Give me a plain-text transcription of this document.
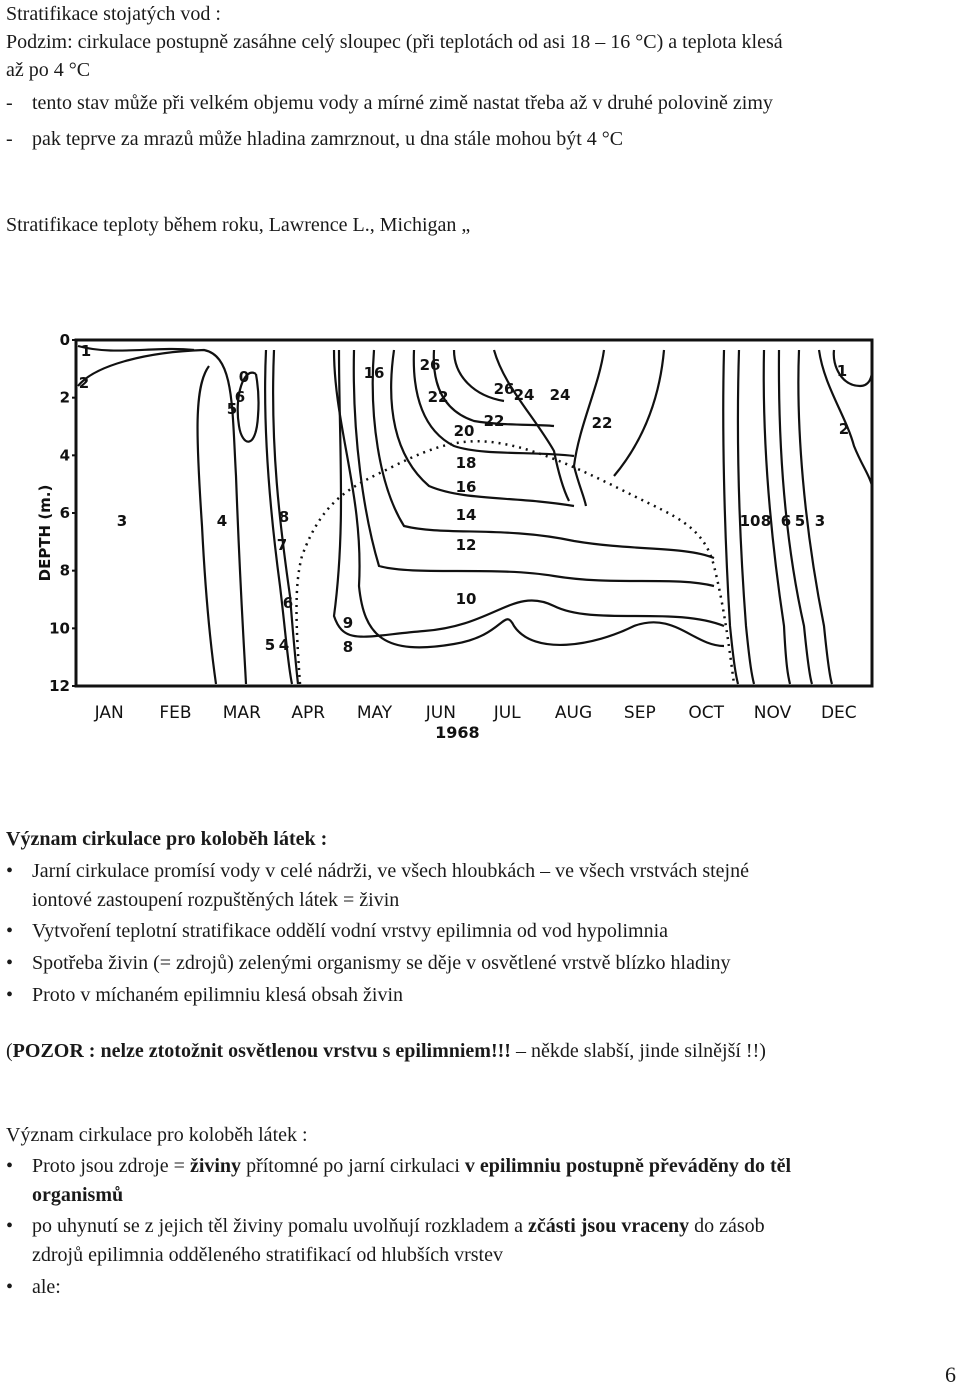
Stratifikace stojatých vod :
Podzim: cirkulace postupně zasáhne celý sloupec (při teplotách od asi 18 – 16 °C) a teplota klesá
až po 4 °C
- tento stav může při velkém objemu vody a mírné zimě nastat třeba až v druhé polovině zimy
- pak teprve za mrazů může hladina zamrznout, u dna stále mohou být 4 °C
Stratifikace teploty během roku, Lawrence L., Michigan „
0
2
4
6
8
10
12
JAN FEB MAR APR MAY JUN JUL AUG SEP OCT NOV DEC
1
2	0
6
5
3	4	8
7
6
5 4
9
8
16 26
22	26 24 24
22
20
22
18
16
14
12
10
10 8 6 5 3
1
2
DEPTH (m.)
1968
Význam cirkulace pro koloběh látek :
• Jarní cirkulace promísí vody v celé nádrži, ve všech hloubkách – ve všech vrstvách stejné
iontové zastoupení rozpuštěných látek = živin
• Vytvoření teplotní stratifikace oddělí vodní vrstvy epilimnia od vod hypolimnia
• Spotřeba živin (= zdrojů) zelenými organismy se děje v osvětlené vrstvě blízko hladiny
• Proto v míchaném epilimniu klesá obsah živin
(POZOR : nelze ztotožnit osvětlenou vrstvu s epilimniem!!! – někde slabší, jinde silnější !!)
Význam cirkulace pro koloběh látek :
• Proto jsou zdroje = živiny přítomné po jarní cirkulaci v epilimniu postupně převáděny do těl
organismů
• po uhynutí se z jejich těl živiny pomalu uvolňují rozkladem a zčásti jsou vraceny do zásob
zdrojů epilimnia odděleného stratifikací od hlubších vrstev
• ale:
6
